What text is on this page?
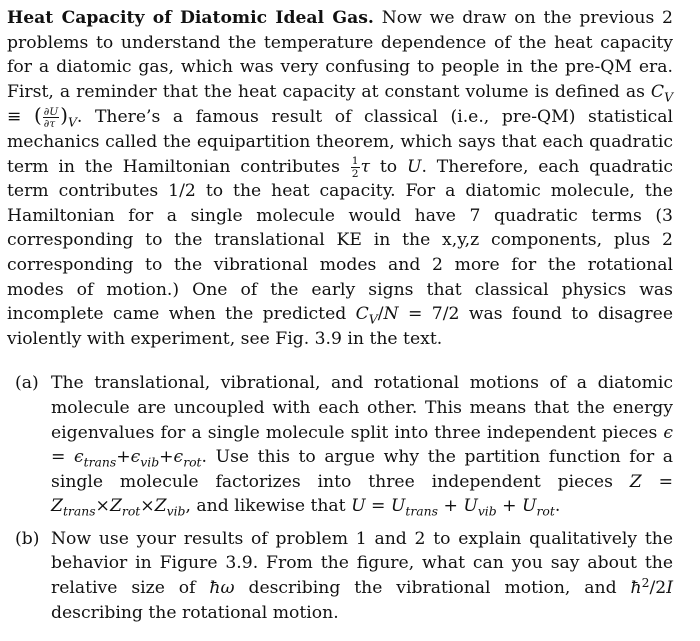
Heat Capacity of Diatomic Ideal Gas. Now we draw on the previous 2 problems to understand the temperature dependence of the heat capacity for a diatomic gas, which was very confusing to people in the pre-QM era. First, a reminder that the heat capacity at constant volume is defined as $C_V$ ≡ ( $\frac{\partial U}{\partial\tau} )_V$. There’s a famous result of classical (i.e., pre-QM) statistical mechanics called the equipartition theorem, which says that each quadratic term in the Hamiltonian contributes $\frac{1}{2}$ τ to U. Therefore, each quadratic term contributes 1/2 to the heat capacity. For a diatomic molecule, the Hamiltonian for a single molecule would have 7 quadratic terms (3 corresponding to the translational KE in the x,y,z components, plus 2 corresponding to the vibrational modes and 2 more for the rotational modes of motion.) One of the early signs that classical physics was incomplete came when the predicted $C_V/N = 7/2$ was found to disagree violently with experiment, see Fig. 3.9 in the text.

(a) The translational, vibrational, and rotational motions of a diatomic molecule are uncoupled with each other. This means that the energy eigenvalues for a single molecule split into three independent pieces $\epsilon = \epsilon_{trans}+\epsilon_{vib}+\epsilon_{rot}$. Use this to argue why the partition function for a single molecule factorizes into three independent pieces $Z = Z_{trans}\times Z_{rot}\times Z_{vib}$, and likewise that $U = U_{trans} + U_{vib} + U_{rot}$.
(b) Now use your results of problem 1 and 2 to explain qualitatively the behavior in Figure 3.9. From the figure, what can you say about the relative size of ħω describing the vibrational motion, and $ħ^2/2I$ describing the rotational motion.
